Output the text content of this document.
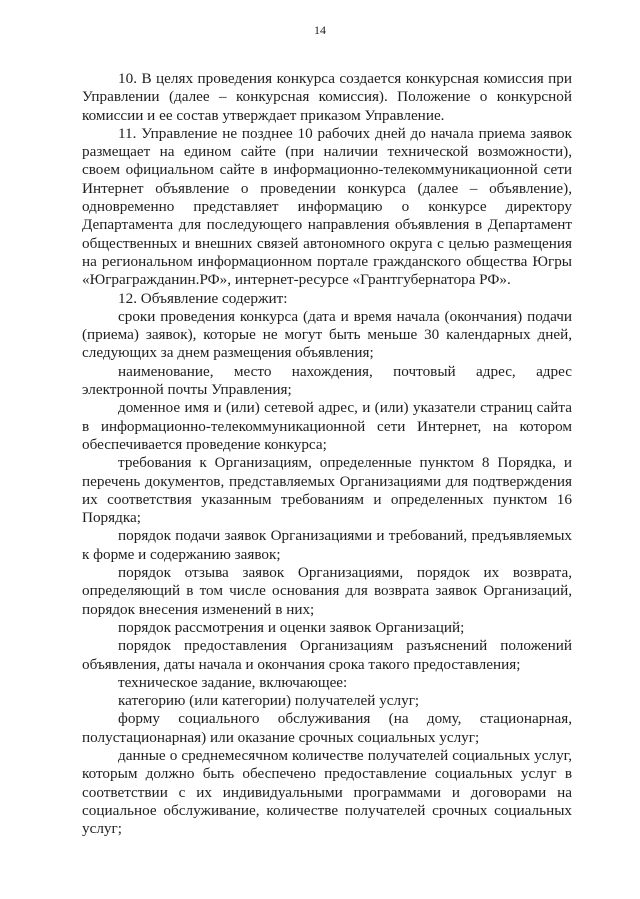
14

10. В целях проведения конкурса создается конкурсная комиссия при Управлении (далее – конкурсная комиссия). Положение о конкурсной комиссии и ее состав утверждает приказом Управление.

11. Управление не позднее 10 рабочих дней до начала приема заявок размещает на едином сайте (при наличии технической возможности), своем официальном сайте в информационно-телекоммуникационной сети Интернет объявление о проведении конкурса (далее – объявление), одновременно представляет информацию о конкурсе директору Департамента для последующего направления объявления в Департамент общественных и внешних связей автономного округа с целью размещения на региональном информационном портале гражданского общества Югры «Юграгражданин.РФ», интернет-ресурсе «Грантгубернатора РФ».

12. Объявление содержит:

сроки проведения конкурса (дата и время начала (окончания) подачи (приема) заявок), которые не могут быть меньше 30 календарных дней, следующих за днем размещения объявления;

наименование, место нахождения, почтовый адрес, адрес электронной почты Управления;

доменное имя и (или) сетевой адрес, и (или) указатели страниц сайта в информационно-телекоммуникационной сети Интернет, на котором обеспечивается проведение конкурса;

требования к Организациям, определенные пунктом 8 Порядка, и перечень документов, представляемых Организациями для подтверждения их соответствия указанным требованиям и определенных пунктом 16 Порядка;

порядок подачи заявок Организациями и требований, предъявляемых к форме и содержанию заявок;

порядок отзыва заявок Организациями, порядок их возврата, определяющий в том числе основания для возврата заявок Организаций, порядок внесения изменений в них;

порядок рассмотрения и оценки заявок Организаций;

порядок предоставления Организациям разъяснений положений объявления, даты начала и окончания срока такого предоставления;

техническое задание, включающее:

категорию (или категории) получателей услуг;

форму социального обслуживания (на дому, стационарная, полустационарная) или оказание срочных социальных услуг;

данные о среднемесячном количестве получателей социальных услуг, которым должно быть обеспечено предоставление социальных услуг в соответствии с их индивидуальными программами и договорами на социальное обслуживание, количестве получателей срочных социальных услуг;
